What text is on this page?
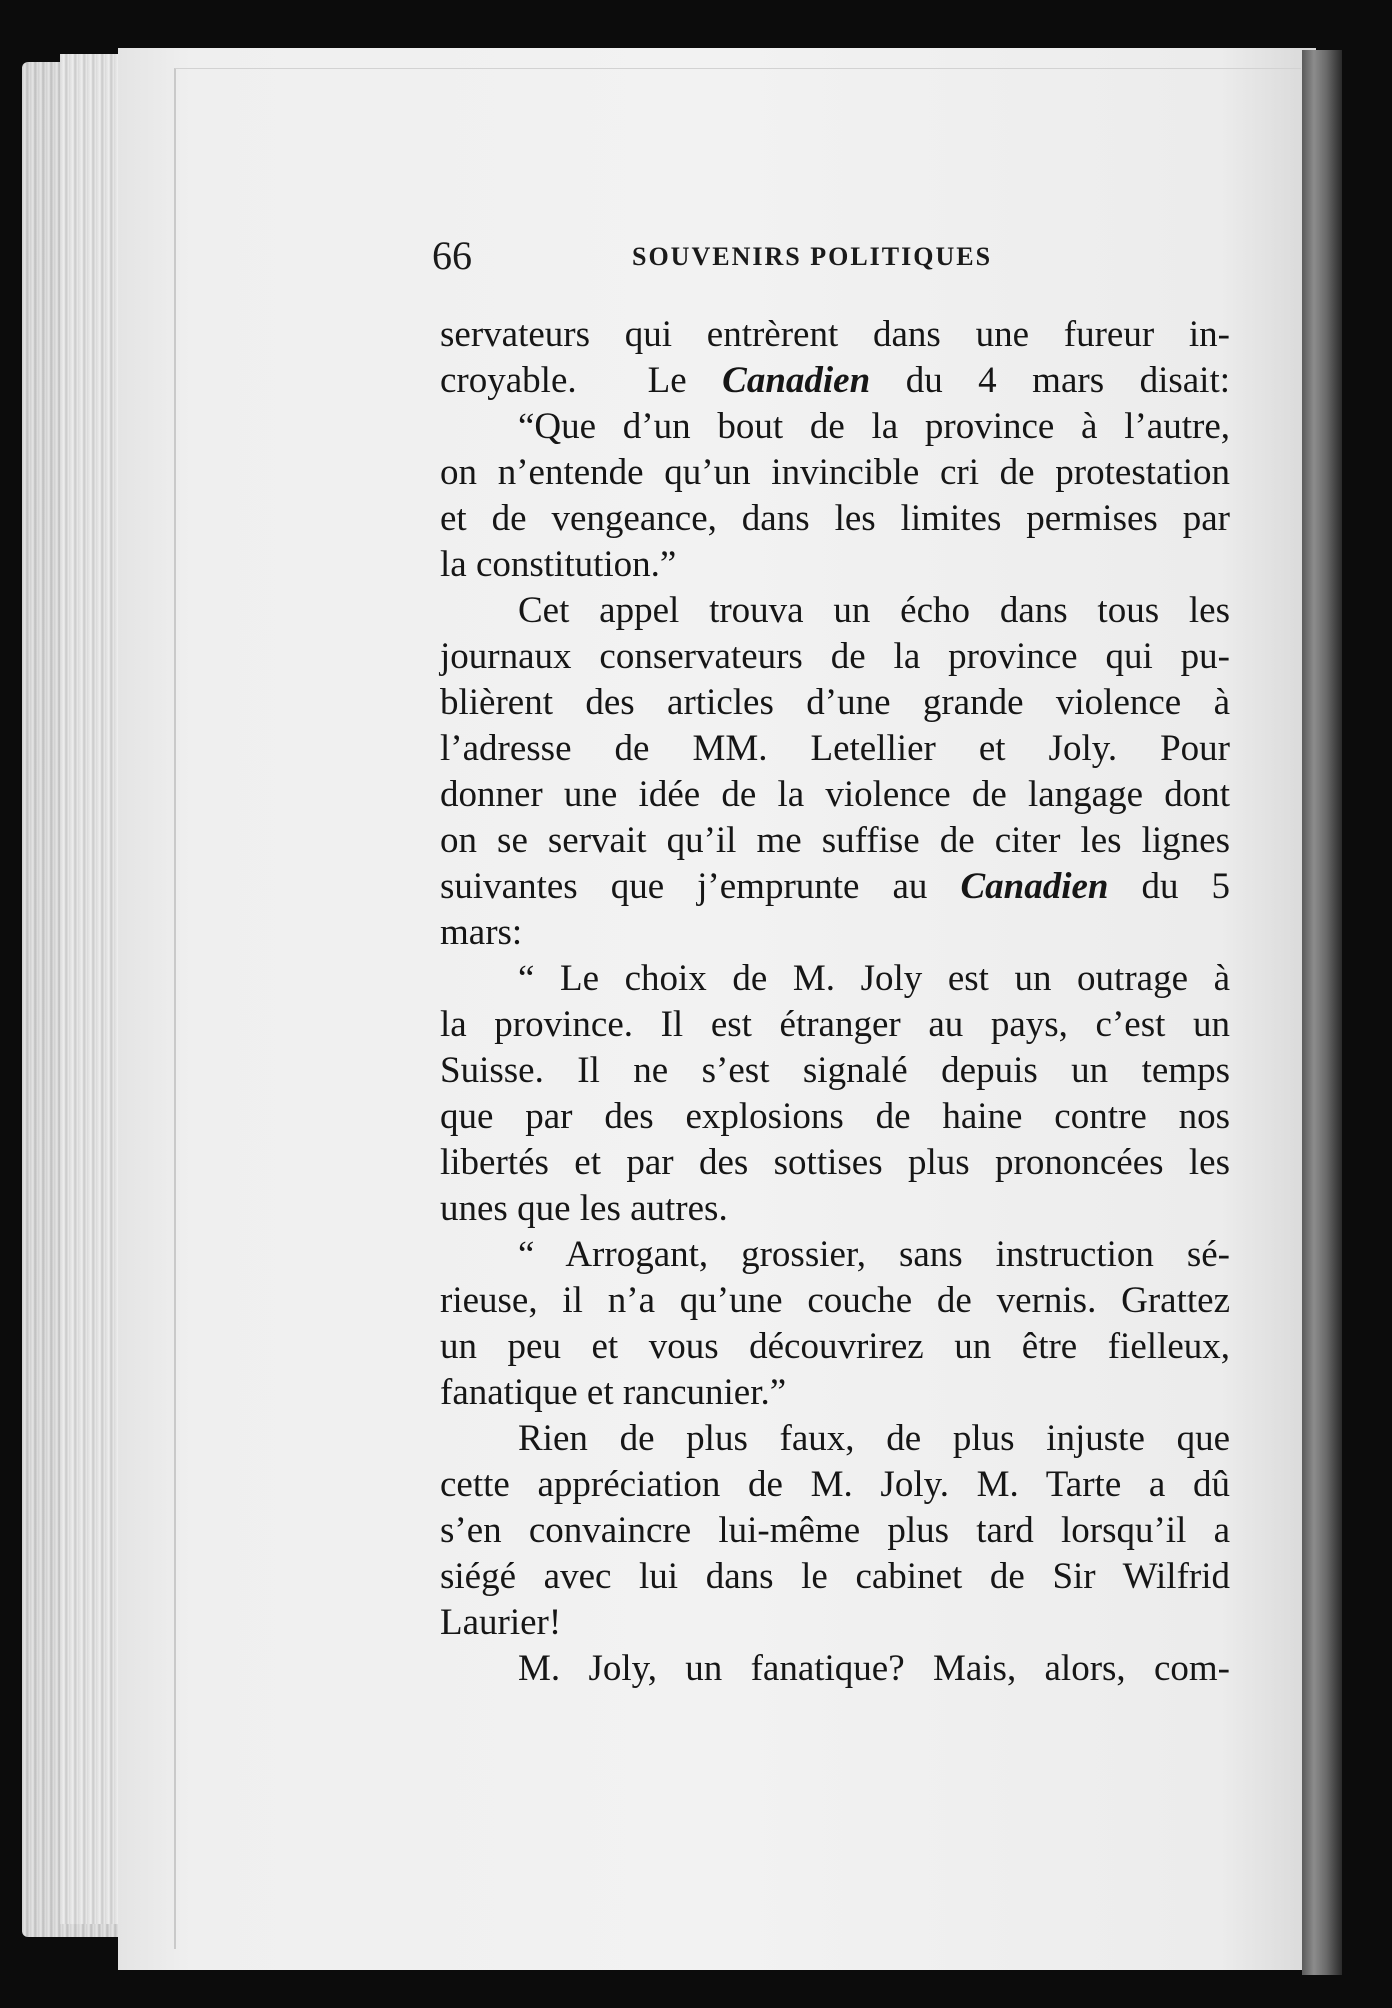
66	SOUVENIRS POLITIQUES
servateurs qui entrèrent dans une fureur in-
croyable. Le Canadien du 4 mars disait:
“Que d’un bout de la province à l’autre,
on n’entende qu’un invincible cri de protestation
et de vengeance, dans les limites permises par
la constitution.”
Cet appel trouva un écho dans tous les
journaux conservateurs de la province qui pu-
blièrent des articles d’une grande violence à
l’adresse de MM. Letellier et Joly. Pour
donner une idée de la violence de langage dont
on se servait qu’il me suffise de citer les lignes
suivantes que j’emprunte au Canadien du 5
mars:
“ Le choix de M. Joly est un outrage à
la province. Il est étranger au pays, c’est un
Suisse. Il ne s’est signalé depuis un temps
que par des explosions de haine contre nos
libertés et par des sottises plus prononcées les
unes que les autres.
“ Arrogant, grossier, sans instruction sé-
rieuse, il n’a qu’une couche de vernis. Grattez
un peu et vous découvrirez un être fielleux,
fanatique et rancunier.”
Rien de plus faux, de plus injuste que
cette appréciation de M. Joly. M. Tarte a dû
s’en convaincre lui-même plus tard lorsqu’il a
siégé avec lui dans le cabinet de Sir Wilfrid
Laurier!
M. Joly, un fanatique? Mais, alors, com-
